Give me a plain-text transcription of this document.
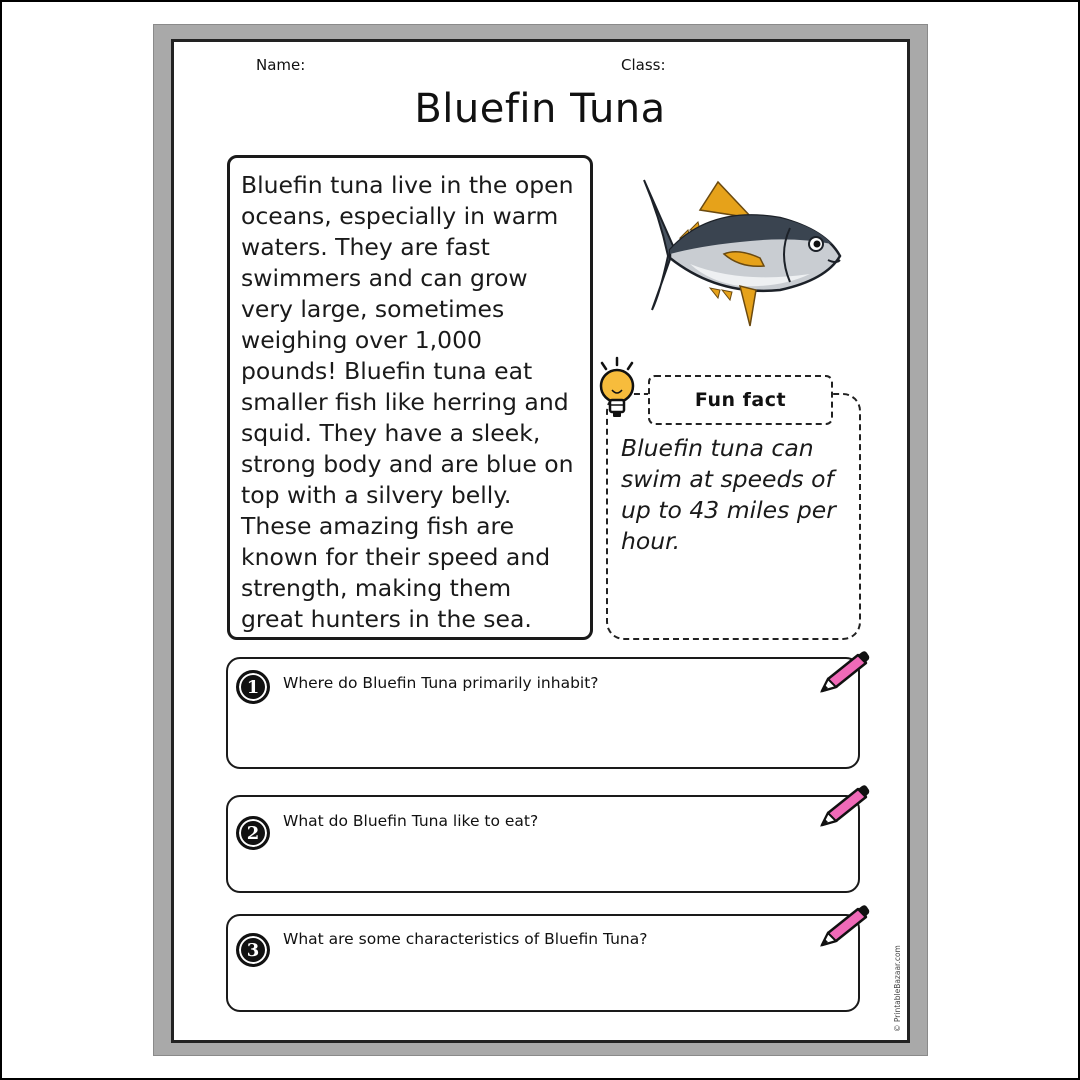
Name:	Class:
Bluefin Tuna

Bluefin tuna live in the open oceans, especially in warm waters. They are fast swimmers and can grow very large, sometimes weighing over 1,000 pounds! Bluefin tuna eat smaller fish like herring and squid. They have a sleek, strong body and are blue on top with a silvery belly. These amazing fish are known for their speed and strength, making them great hunters in the sea.

Fun fact
Bluefin tuna can swim at speeds of up to 43 miles per hour.
1	Where do Bluefin Tuna primarily inhabit?
2
What do Bluefin Tuna like to eat?
3
What are some characteristics of Bluefin Tuna?
© PrintableBazaar.com
